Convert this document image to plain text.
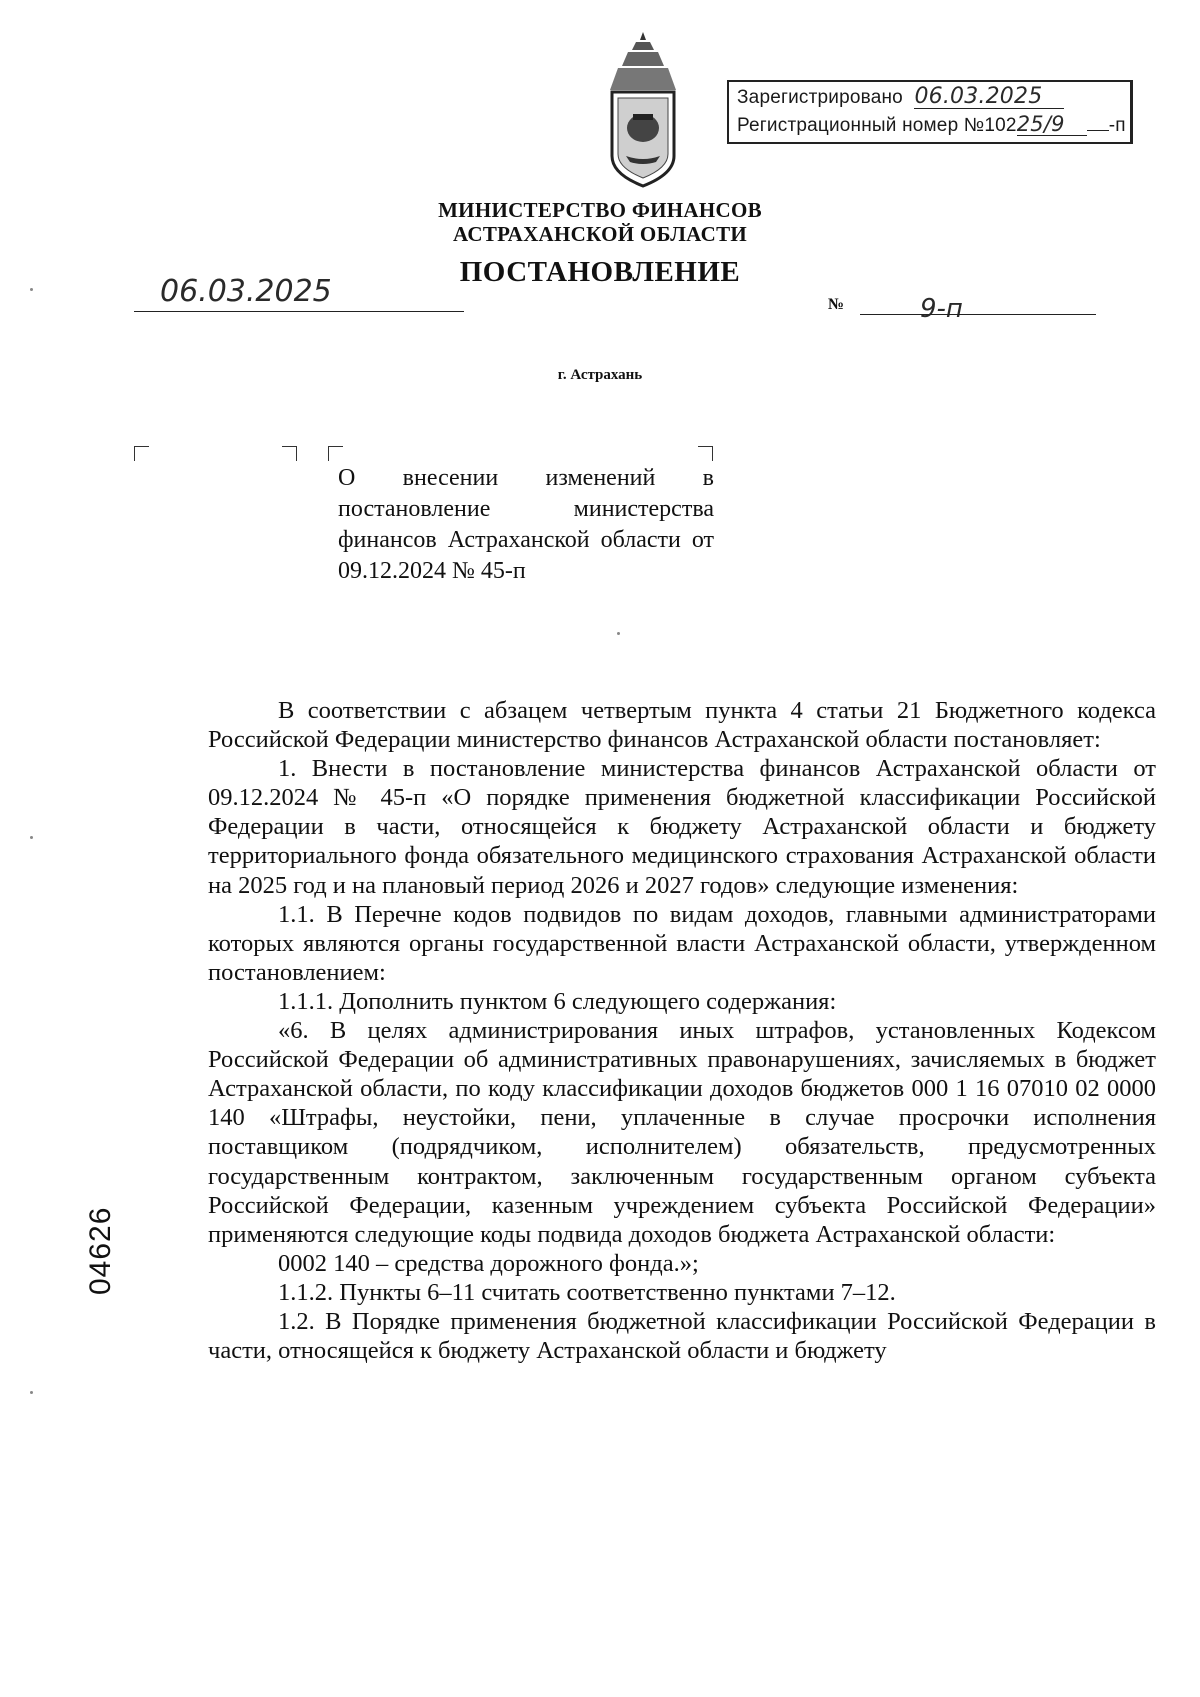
Зарегистрировано 06.03.2025
Регистрационный номер №10225/9 -п
МИНИСТЕРСТВО ФИНАНСОВ
АСТРАХАНСКОЙ ОБЛАСТИ
ПОСТАНОВЛЕНИЕ
06.03.2025	№	9-п
г. Астрахань
О внесении изменений в постановление министерства финансов Астраханской области от 09.12.2024 № 45-п

В соответствии с абзацем четвертым пункта 4 статьи 21 Бюджетного кодекса Российской Федерации министерство финансов Астраханской области постановляет:

1. Внести в постановление министерства финансов Астраханской области от 09.12.2024 № 45-п «О порядке применения бюджетной классификации Российской Федерации в части, относящейся к бюджету Астраханской области и бюджету территориального фонда обязательного медицинского страхования Астраханской области на 2025 год и на плановый период 2026 и 2027 годов» следующие изменения:

1.1. В Перечне кодов подвидов по видам доходов, главными администраторами которых являются органы государственной власти Астраханской области, утвержденном постановлением:

1.1.1. Дополнить пунктом 6 следующего содержания:

«6. В целях администрирования иных штрафов, установленных Кодексом Российской Федерации об административных правонарушениях, зачисляемых в бюджет Астраханской области, по коду классификации доходов бюджетов 000 1 16 07010 02 0000 140 «Штрафы, неустойки, пени, уплаченные в случае просрочки исполнения поставщиком (подрядчиком, исполнителем) обязательств, предусмотренных государственным контрактом, заключенным государственным органом субъекта Российской Федерации, казенным учреждением субъекта Российской Федерации» применяются следующие коды подвида доходов бюджета Астраханской области:

0002 140 – средства дорожного фонда.»;

1.1.2. Пункты 6–11 считать соответственно пунктами 7–12.

1.2. В Порядке применения бюджетной классификации Российской Федерации в части, относящейся к бюджету Астраханской области и бюджету

04626
